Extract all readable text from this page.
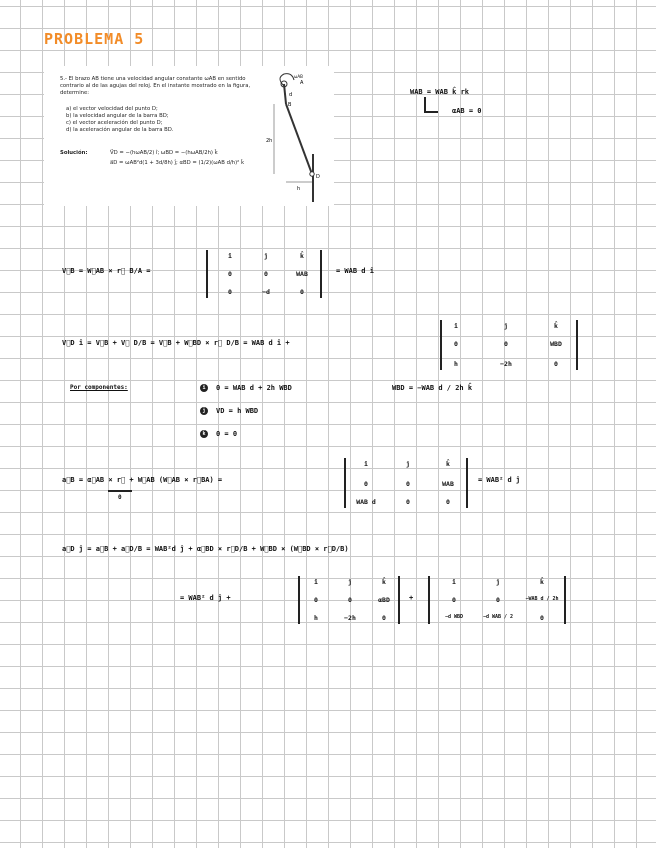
PROBLEMA 5
5.- El brazo AB tiene una velocidad angular constante ωAB en sentido contrario al de las agujas del reloj. En el instante mostrado en la figura, determine:
a) el vector velocidad del punto D;
b) la velocidad angular de la barra BD;
c) el vector aceleración del punto D;
d) la aceleración angular de la barra BD.
Solución:	V⃗D = −(hωAB/2) î; ωBD = −(hωAB/2h) k̂
a⃗D = ωAB²d(1 + 3d/8h) ĵ; αBD = (1/2)(ωAB d/h)² k̂
A
B
D
d
2h
h
ωAB
WAB = WAB k̂ rk
αAB = 0
V⃗B = W⃗AB × r⃗ B/A =
î	ĵ	k̂
0	0	WAB
0	−d	0
= WAB d î
V⃗D î = V⃗B + V⃗ D/B = V⃗B + W⃗BD × r⃗ D/B = WAB d î +
î	ĵ	k̂
0	0	WBD
h	−2h	0
Por componentes:	î 0 = WAB d + 2h WBD	WBD = −WAB d / 2h k̂
ĵ VD = h WBD
k̂ 0 = 0
a⃗B = α⃗AB × r⃗ + W⃗AB (W⃗AB × r⃗BA) =
0
î	ĵ	k̂
0	0	WAB
WAB d	0	0
= WAB² d ĵ
a⃗D ĵ = a⃗B + a⃗D/B = WAB²d ĵ + α⃗BD × r⃗D/B + W⃗BD × (W⃗BD × r⃗D/B)
= WAB² d ĵ +
î	ĵ	k̂
0	0	αBD
h	−2h	0
+
î	ĵ	k̂
0	0	−WAB d / 2h
−d WBD	−d WAB / 2	0
